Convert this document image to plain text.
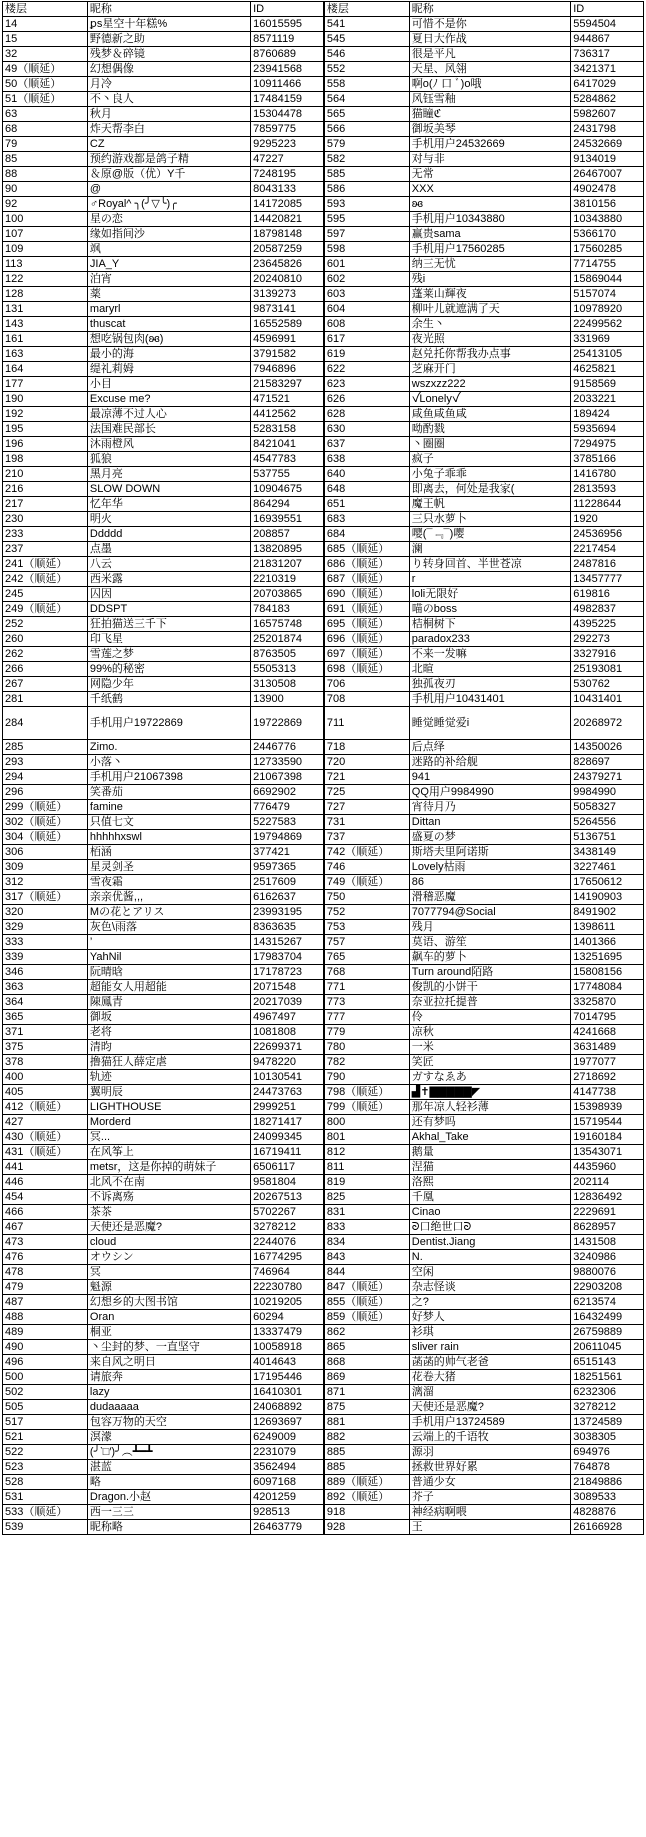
楼层	昵称	ID	楼层	昵称	ID
14	ꝑs星空十年糕%	16015595	541	可惜不是你	5594504
15	野德新之助	8571119	545	夏日大作战	944867
32	残梦＆碎镜	8760689	546	很是平凡	736317
49（顺延）	幻想偶像	23941568	552	天星、风翎	3421371
50（顺延）	月冷	10911466	558	啊o(ﾉ 口 ﾞ)o哦	6417029
51（顺延）	不丶良人	17484159	564	风钰雪釉	5284862
63	秋月	15304478	565	猫瞳ℭ	5982607
68	炸天帮李白	7859775	566	御坂美琴	2431798
79	CZ	9295223	579	手机用户24532669	24532669
85	预约游戏都是鸽子精	47227	582	对与非	9134019
88	＆原@版（优）Y千	7248195	585	无常	26467007
90	@	8043133	586	XXX	4902478
92	♂Royal^ ╮(╯▽╰)╭	14172085	593	ʚ̴ɞ	3810156
100	星の恋	14420821	595	手机用户10343880	10343880
107	缘如指间沙	18798148	597	赢贵sama	5366170
109	飒	20587259	598	手机用户17560285	17560285
113	JIA_Y	23645826	601	纳三无忧	7714755
122	泊宵	20240810	602	残i	15869044
128	薬	3139273	603	蓬莱山輝夜	5157074
131	maryrl	9873141	604	柳叶儿就遮满了天	10978920
143	thuscat	16552589	608	余生丶	22499562
161	想吃锅包肉(ʚ̴ɞ)	4596991	617	夜光照	331969
163	最小的海	3791582	619	赵兑托你帮我办点事	25413105
164	缇礼莉姆	7946896	622	芝麻开门	4625821
177	小目	21583297	623	wszxzz222	9158569
190	Excuse me?	471521	626	ꪜLonelyꪜ	2033221
192	最凉薄不过人心	4412562	628	咸鱼咸鱼咸	189424
195	法国难民部长	5283158	630	呦酌戮	5935694
196	沐雨橙风	8421041	637	丶圈圈	7294975
198	狐狼	4547783	638	疯子	3785166
210	黑月亮	537755	640	小兔子乖乖	1416780
216	SLOW DOWN	10904675	648	即离去，何处是我家(	2813593
217	忆年华	864294	651	魔王帆	11228644
230	明火	16939551	683	三只水萝卜	1920
233	Ddddd	208857	684	嘤(¯﹃¯)嘤	24536956
237	点墨	13820895	685（顺延）	澜	2217454
241（顺延）	八云	21831207	686（顺延）	り转身回首、半世苍凉	2487816
242（顺延）	西米露	2210319	687（顺延）	r	13457777
245	囚因	20703865	690（顺延）	loli无限好	619816
249（顺延）	DDSPT	784183	691（顺延）	喵のboss	4982837
252	狂拍猫送三千下	16575748	695（顺延）	桔桐树下	4395225
260	印飞星	25201874	696（顺延）	paradox233	292273
262	雪莲之梦	8763505	697（顺延）	不来一发嘛	3327916
266	99%的秘密	5505313	698（顺延）	北暄	25193081
267	网隐少年	3130508	706	独孤夜刃	530762
281	千纸鹤	13900	708	手机用户10431401	10431401
284	手机用户19722869	19722869	711	睡觉睡觉爱i	20268972
285	Zimo.	2446776	718	后点绎	14350026
293	小落丶	12733590	720	迷路的补给舰	828697
294	手机用户21067398	21067398	721	941	24379271
296	笑番茄	6692902	725	QQ用户9984990	9984990
299（顺延）	famine	776479	727	宵待月乃	5058327
302（顺延）	只值七文	5227583	731	Dittan	5264556
304（顺延）	hhhhhxswl	19794869	737	盛夏の梦	5136751
306	栢涵	377421	742（顺延）	斯塔夫里阿诺斯	3438149
309	星灵剑圣	9597365	746	Lovely枯雨	3227461
312	雪夜霜	2517609	749（顺延）	86	17650612
317（顺延）	亲亲优酱,,,	6162637	750	滑稽恶魔	14190903
320	Mの花とアリス	23993195	752	7077794@Social	8491902
329	灰色\雨落	8363635	753	残月	1398611
333	’	14315267	757	莫语、游笙	1401366
339	YahNil	17983704	765	飙车的萝卜	13251695
346	阮晴晗	17178723	768	Turn around陌路	15808156
363	超能女人用超能	2071548	771	俊凯的小饼干	17748084
364	陳鳳青	20217039	773	奈亚拉托提普	3325870
365	御坂	4967497	777	伶	7014795
371	老将	1081808	779	凉秋	4241668
375	清昀	22699371	780	一米	3631489
378	撸猫狂人薛定虐	9478220	782	笑匠	1977077
400	轨迹	10130541	790	ガすなゑあ	2718692
405	翼明辰	24473763	798（顺延）	▟✝▇▇▇▇▇◤	4147738
412（顺延）	LIGHTHOUSE	2999251	799（顺延）	那年凉人轻衫薄	15398939
427	Morderd	18271417	800	还有梦吗	15719544
430（顺延）	冥...	24099345	801	Akhal_Take	19160184
431（顺延）	在风筝上	16719411	812	鹅量	13543071
441	metsr，这是你掉的萌妹子	6506117	811	涅猫	4435960
446	北风不在南	9581804	819	洛熙	202114
454	不诉离殇	20267513	825	千凰	12836492
466	茶茶	5702267	831	Cinao	2229691
467	天使还是恶魔?	3278212	833	ᘐ口绝世口ᘐ	8628957
473	cloud	2244076	834	Dentist.Jiang	1431508
476	オウシン	16774295	843	N.	3240986
478	冥	746964	844	空闲	9880076
479	魁源	22230780	847（顺延）	杂志怪谈	22903208
487	幻想乡的大图书馆	10219205	855（顺延）	之?	6213574
488	Oran	60294	859（顺延）	好梦人	16432499
489	桐亚	13337479	862	衫琪	26759889
490	丶尘封的梦、一直坚守	10058918	865	sliver rain	20611045
496	来自风之明日	4014643	868	菡菡的帅气老爸	6515143
500	请旅奔	17195446	869	花卷大猪	18251561
502	lazy	16410301	871	漓溜	6232306
505	dudaaaaa	24068892	875	天使还是恶魔?	3278212
517	包容万物的天空	12693697	881	手机用户13724589	13724589
521	溟濛	6249009	882	云端上的千语牧	3038305
522	(╯‵□′)╯︵┻━┻	2231079	885	源羽	694976
523	湛蓝	3562494	885	拯救世界好累	764878
528	略	6097168	889（顺延）	普通少女	21849886
531	Dragon.小赵	4201259	892（顺延）	芥子	3089533
533（顺延）	西一三三	928513	918	神经病啊喂	4828876
539	昵称略	26463779	928	王	26166928
